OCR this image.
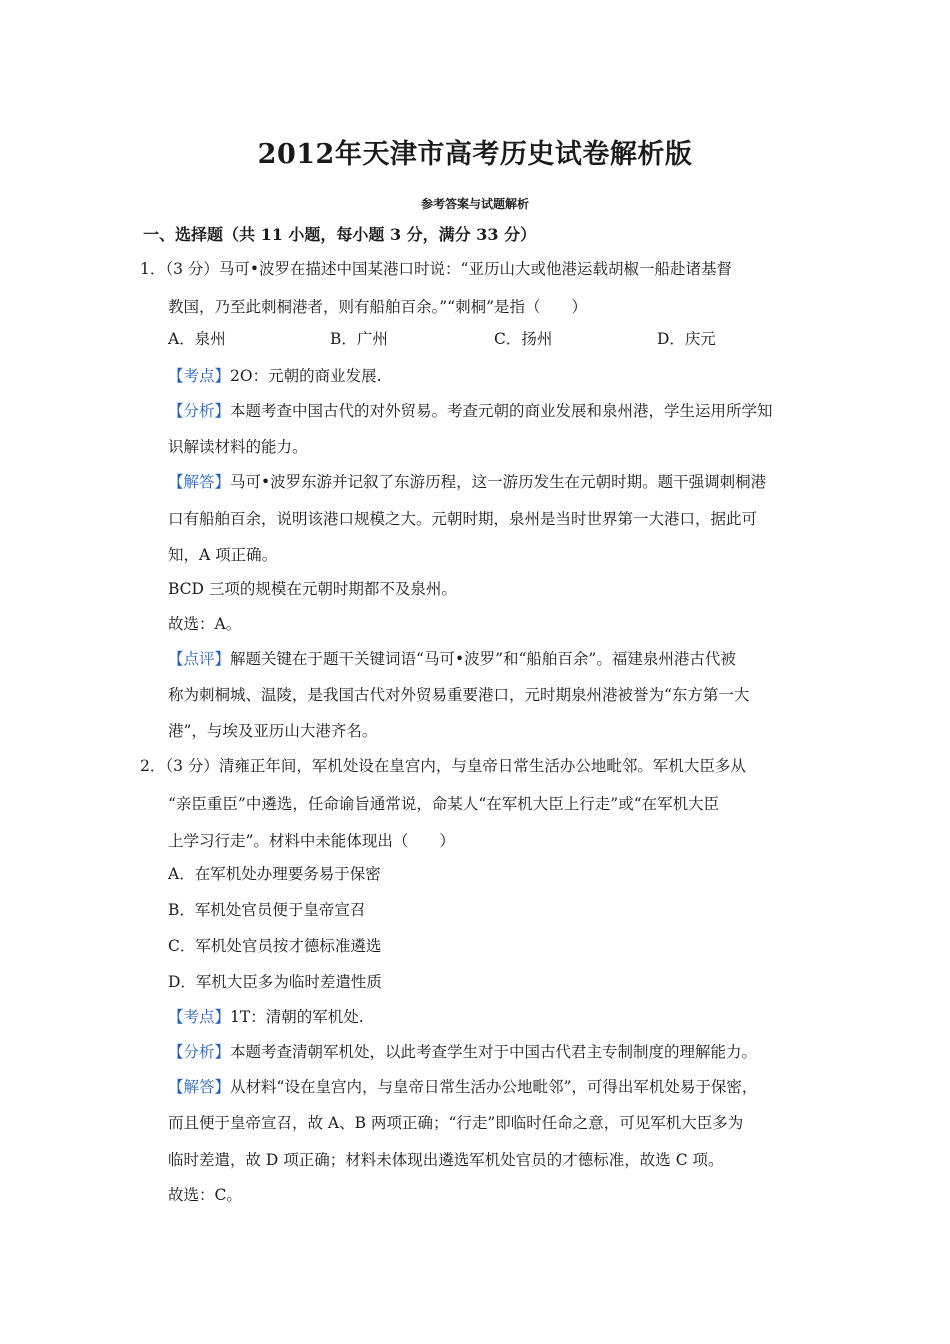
2012年天津市高考历史试卷解析版
参考答案与试题解析
一、选择题（共 11 小题，每小题 3 分，满分 33 分）
1．（3 分）马可•波罗在描述中国某港口时说：“亚历山大或他港运载胡椒一船赴诸基督
教国，乃至此刺桐港者，则有船舶百余。”“刺桐”是指（　　）
A．泉州	B．广州	C．扬州	D．庆元
【考点】2O：元朝的商业发展.
【分析】本题考查中国古代的对外贸易。考查元朝的商业发展和泉州港，学生运用所学知
识解读材料的能力。
【解答】马可•波罗东游并记叙了东游历程，这一游历发生在元朝时期。题干强调刺桐港
口有船舶百余，说明该港口规模之大。元朝时期，泉州是当时世界第一大港口，据此可
知，A 项正确。
BCD 三项的规模在元朝时期都不及泉州。
故选：A。
【点评】解题关键在于题干关键词语“马可•波罗”和“船舶百余”。福建泉州港古代被
称为刺桐城、温陵，是我国古代对外贸易重要港口，元时期泉州港被誉为“东方第一大
港”，与埃及亚历山大港齐名。
2．（3 分）清雍正年间，军机处设在皇宫内，与皇帝日常生活办公地毗邻。军机大臣多从
“亲臣重臣”中遴选，任命谕旨通常说，命某人“在军机大臣上行走”或“在军机大臣
上学习行走”。材料中未能体现出（　　）
A．在军机处办理要务易于保密
B．军机处官员便于皇帝宣召
C．军机处官员按才德标准遴选
D．军机大臣多为临时差遣性质
【考点】1T：清朝的军机处.
【分析】本题考查清朝军机处，以此考查学生对于中国古代君主专制制度的理解能力。
【解答】从材料“设在皇宫内，与皇帝日常生活办公地毗邻”，可得出军机处易于保密，
而且便于皇帝宣召，故 A、B 两项正确；“行走”即临时任命之意，可见军机大臣多为
临时差遣，故 D 项正确；材料未体现出遴选军机处官员的才德标准，故选 C 项。
故选：C。
